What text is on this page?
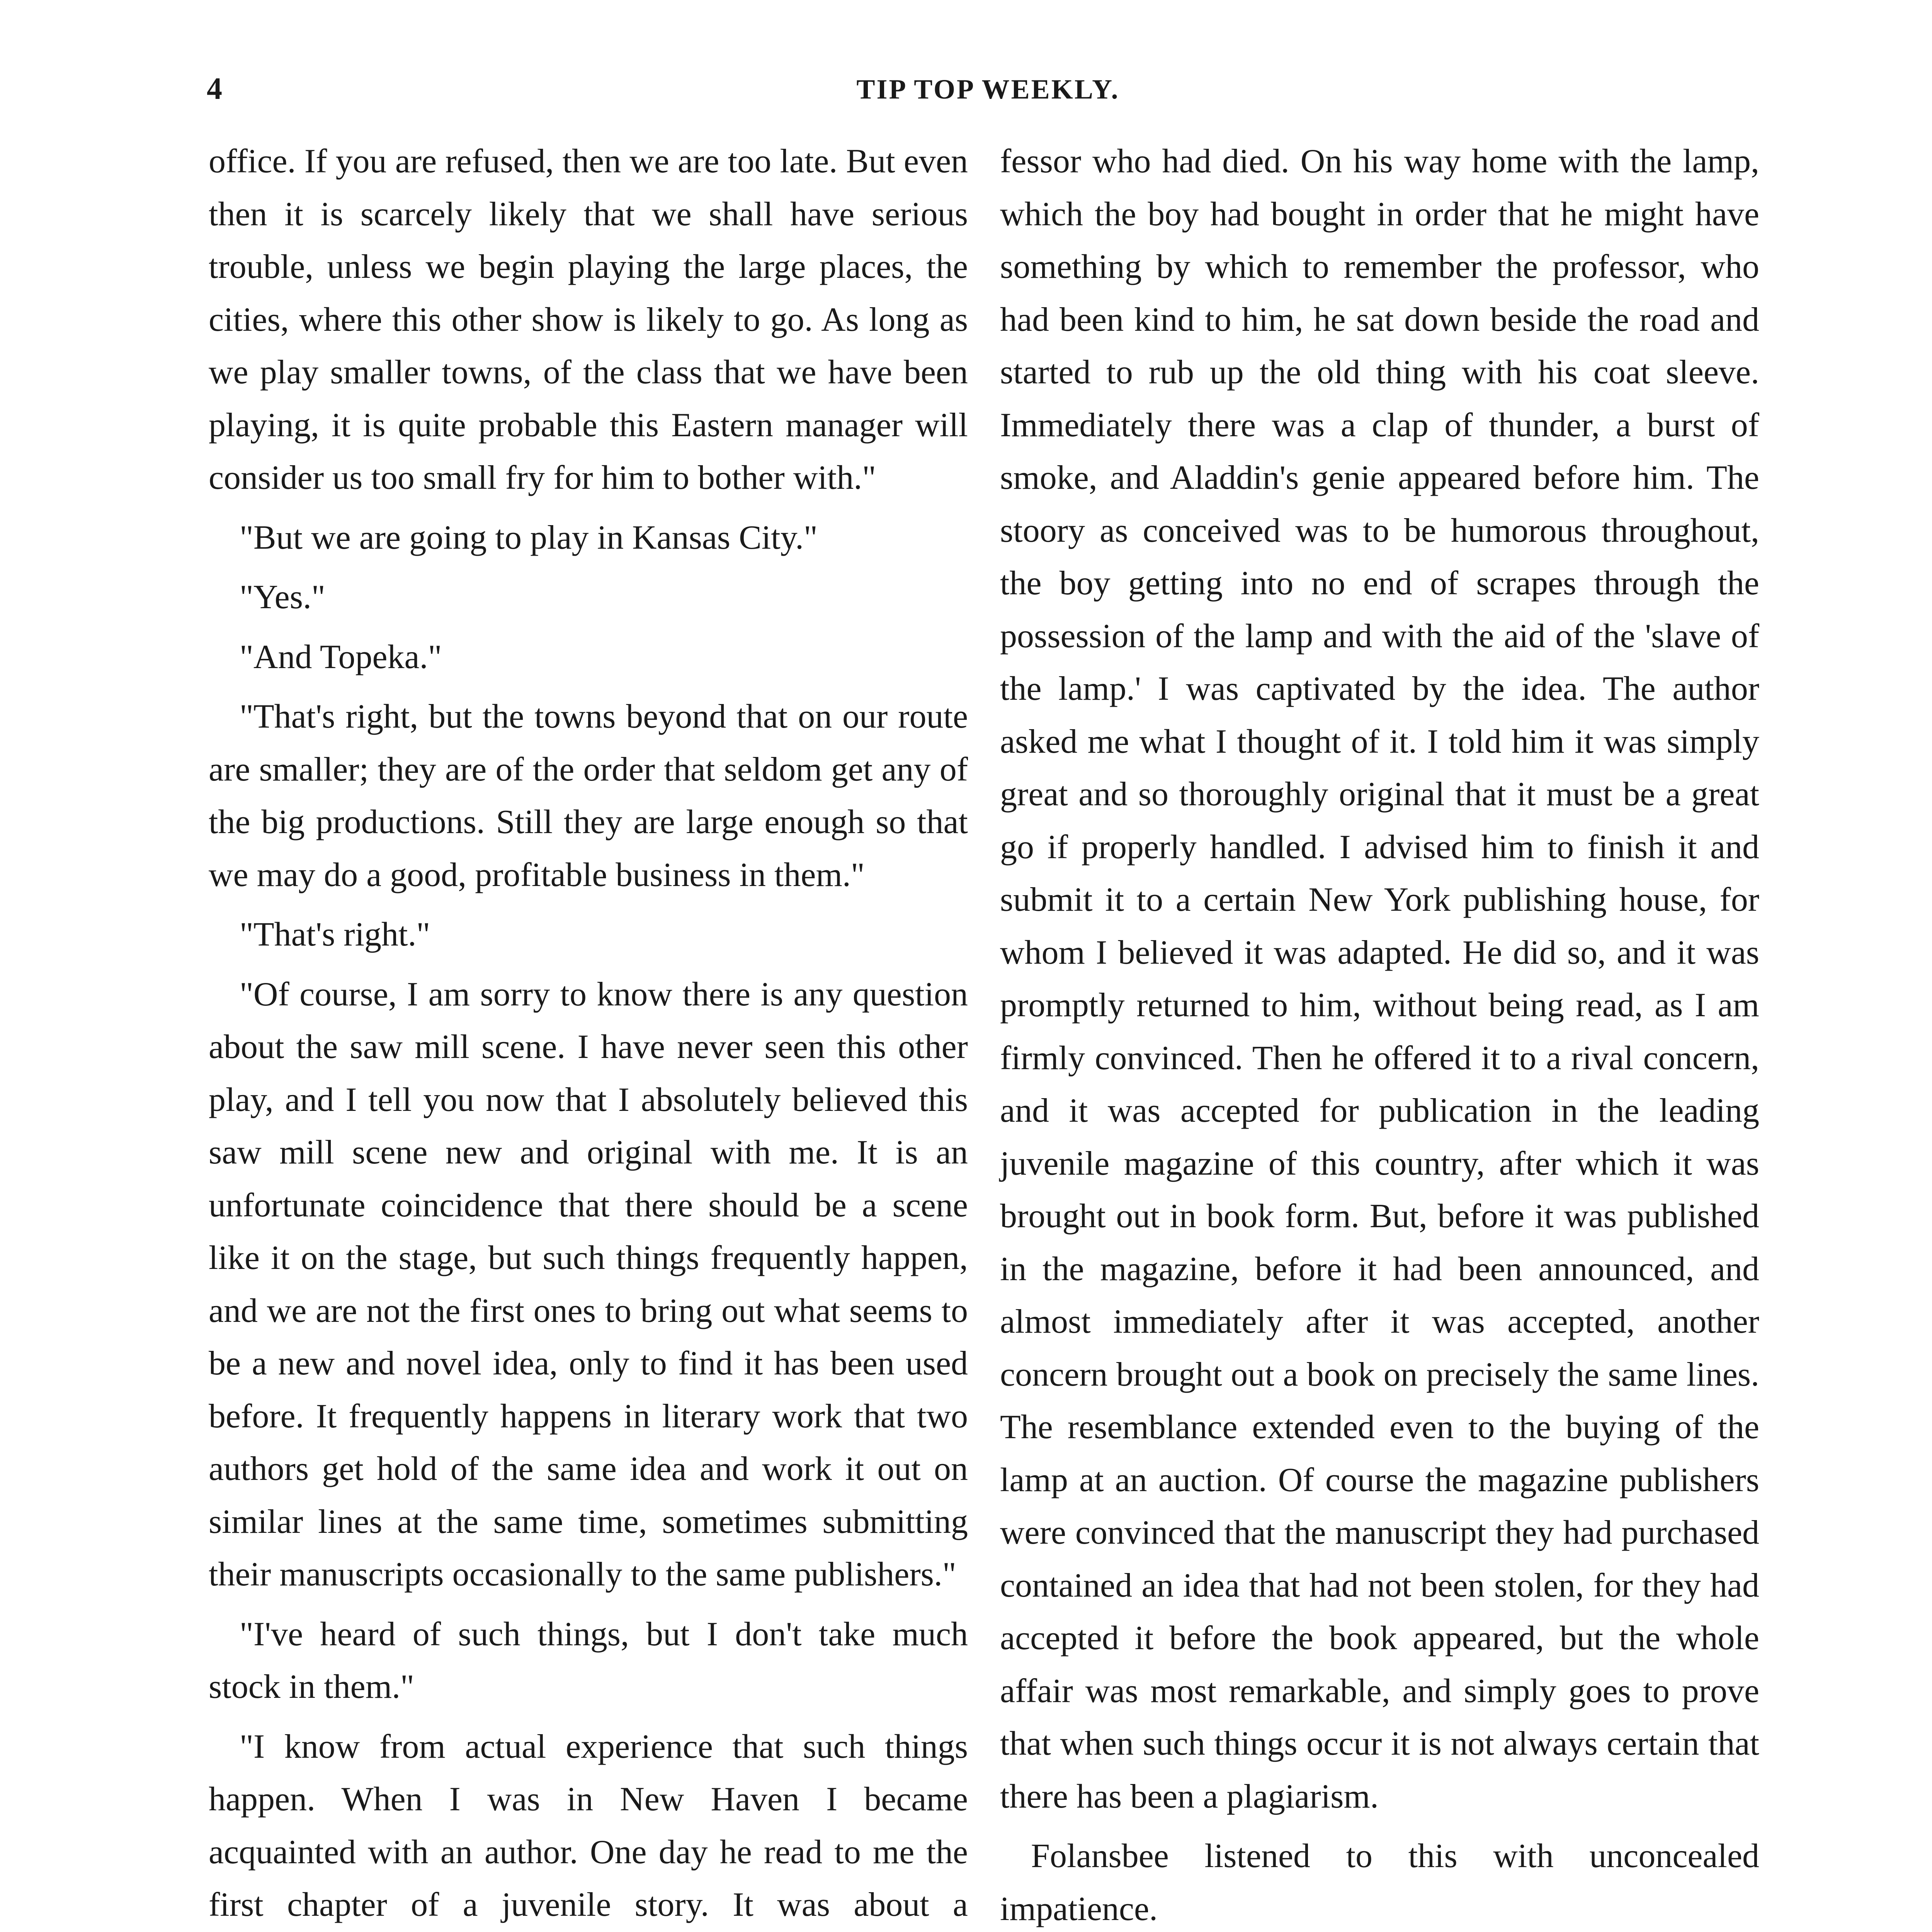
4	TIP TOP WEEKLY.

office. If you are refused, then we are too late. But even then it is scarcely likely that we shall have serious trouble, unless we begin playing the large places, the cities, where this other show is likely to go. As long as we play smaller towns, of the class that we have been playing, it is quite probable this Eastern manager will consider us too small fry for him to bother with."

"But we are going to play in Kansas City."

"Yes."

"And Topeka."

"That's right, but the towns beyond that on our route are smaller; they are of the order that seldom get any of the big productions. Still they are large enough so that we may do a good, profitable business in them."

"That's right."

"Of course, I am sorry to know there is any question about the saw mill scene. I have never seen this other play, and I tell you now that I absolutely believed this saw mill scene new and original with me. It is an unfortunate coincidence that there should be a scene like it on the stage, but such things frequently happen, and we are not the first ones to bring out what seems to be a new and novel idea, only to find it has been used before. It frequently happens in literary work that two authors get hold of the same idea and work it out on similar lines at the same time, sometimes submitting their manuscripts occasionally to the same publishers."

"I've heard of such things, but I don't take much stock in them."

"I know from actual experience that such things happen. When I was in New Haven I became acquainted with an author. One day he read to me the first chapter of a juvenile story. It was about a

fessor who had died. On his way home with the lamp, which the boy had bought in order that he might have something by which to remember the professor, who had been kind to him, he sat down beside the road and started to rub up the old thing with his coat sleeve. Immediately there was a clap of thunder, a burst of smoke, and Aladdin's genie appeared before him. The stoory as conceived was to be humorous throughout, the boy getting into no end of scrapes through the possession of the lamp and with the aid of the 'slave of the lamp.' I was captivated by the idea. The author asked me what I thought of it. I told him it was simply great and so thoroughly original that it must be a great go if properly handled. I advised him to finish it and submit it to a certain New York publishing house, for whom I believed it was adapted. He did so, and it was promptly returned to him, without being read, as I am firmly convinced. Then he offered it to a rival concern, and it was accepted for publication in the leading juvenile magazine of this country, after which it was brought out in book form. But, before it was published in the magazine, before it had been announced, and almost immediately after it was accepted, another concern brought out a book on precisely the same lines. The resemblance extended even to the buying of the lamp at an auction. Of course the magazine publishers were convinced that the manuscript they had purchased contained an idea that had not been stolen, for they had accepted it before the book appeared, but the whole affair was most remarkable, and simply goes to prove that when such things occur it is not always certain that there has been a plagiarism.

Folansbee listened to this with unconcealed impatience.
